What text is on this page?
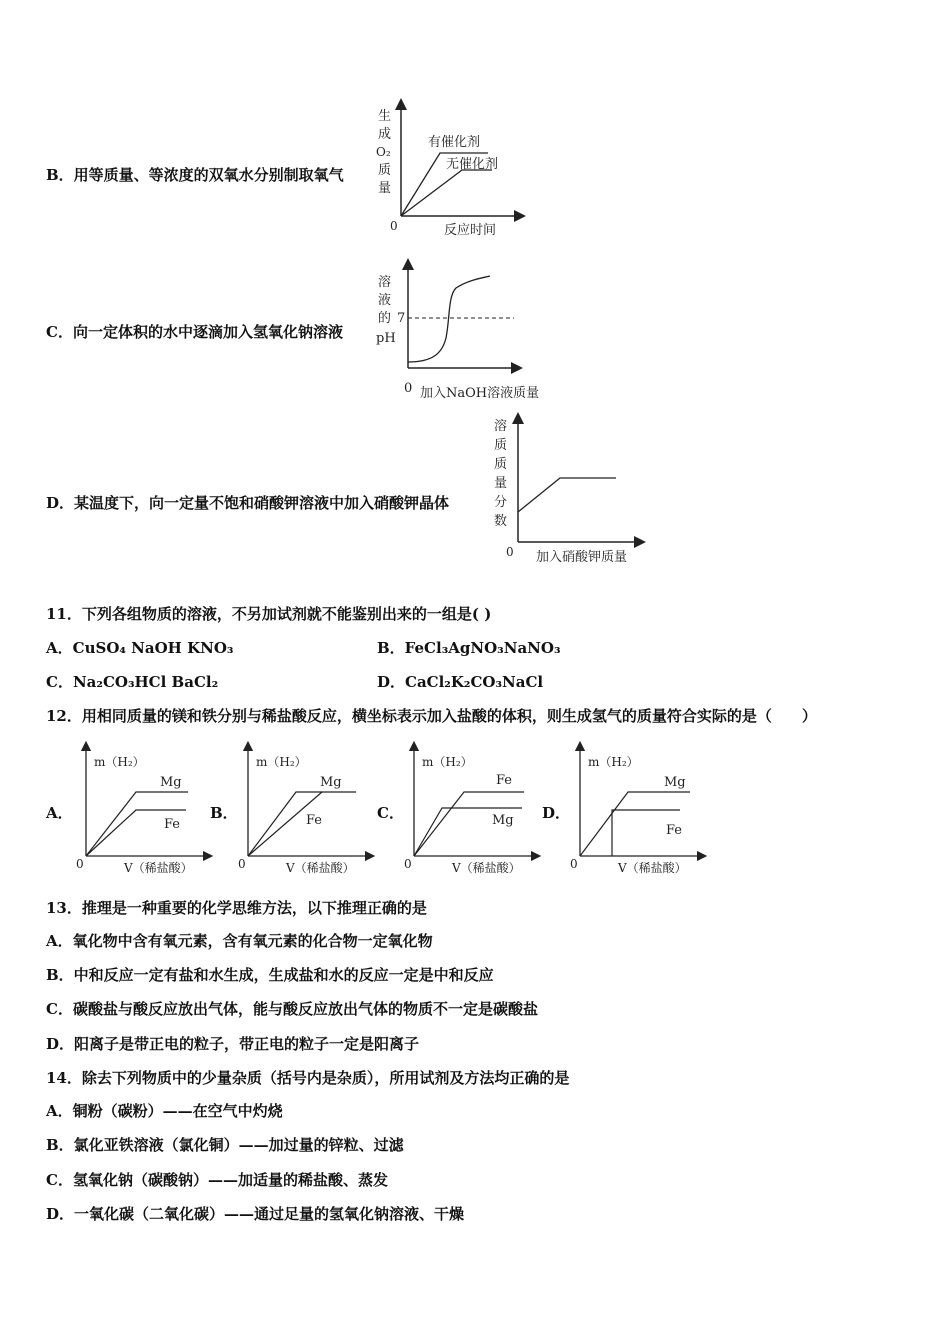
B．用等质量、等浓度的双氧水分别制取氧气
生
成
O₂
质
量
0	反应时间
有催化剂
无催化剂
C．向一定体积的水中逐滴加入氢氧化钠溶液
溶
液
的
pH
7
0 加入NaOH溶液质量
D．某温度下，向一定量不饱和硝酸钾溶液中加入硝酸钾晶体
溶
质
质
量
分
数
0 加入硝酸钾质量
11．下列各组物质的溶液，不另加试剂就不能鉴别出来的一组是( )
A．CuSO₄ NaOH KNO₃	B．FeCl₃AgNO₃NaNO₃
C．Na₂CO₃HCl BaCl₂	D．CaCl₂K₂CO₃NaCl
12．用相同质量的镁和铁分别与稀盐酸反应，横坐标表示加入盐酸的体积，则生成氢气的质量符合实际的是（　　）
A．	B．	C．	D．
m（H₂）
0	V（稀盐酸）
Mg
Fe
m（H₂）
0	V（稀盐酸）
Mg
Fe
m（H₂）
0	V（稀盐酸）
Fe
Mg
m（H₂）
0	V（稀盐酸）
Mg
Fe
13．推理是一种重要的化学思维方法，以下推理正确的是
A．氧化物中含有氧元素，含有氧元素的化合物一定氧化物
B．中和反应一定有盐和水生成，生成盐和水的反应一定是中和反应
C．碳酸盐与酸反应放出气体，能与酸反应放出气体的物质不一定是碳酸盐
D．阳离子是带正电的粒子，带正电的粒子一定是阳离子
14．除去下列物质中的少量杂质（括号内是杂质），所用试剂及方法均正确的是
A．铜粉（碳粉）——在空气中灼烧
B．氯化亚铁溶液（氯化铜）——加过量的锌粒、过滤
C．氢氧化钠（碳酸钠）——加适量的稀盐酸、蒸发
D．一氧化碳（二氧化碳）——通过足量的氢氧化钠溶液、干燥
